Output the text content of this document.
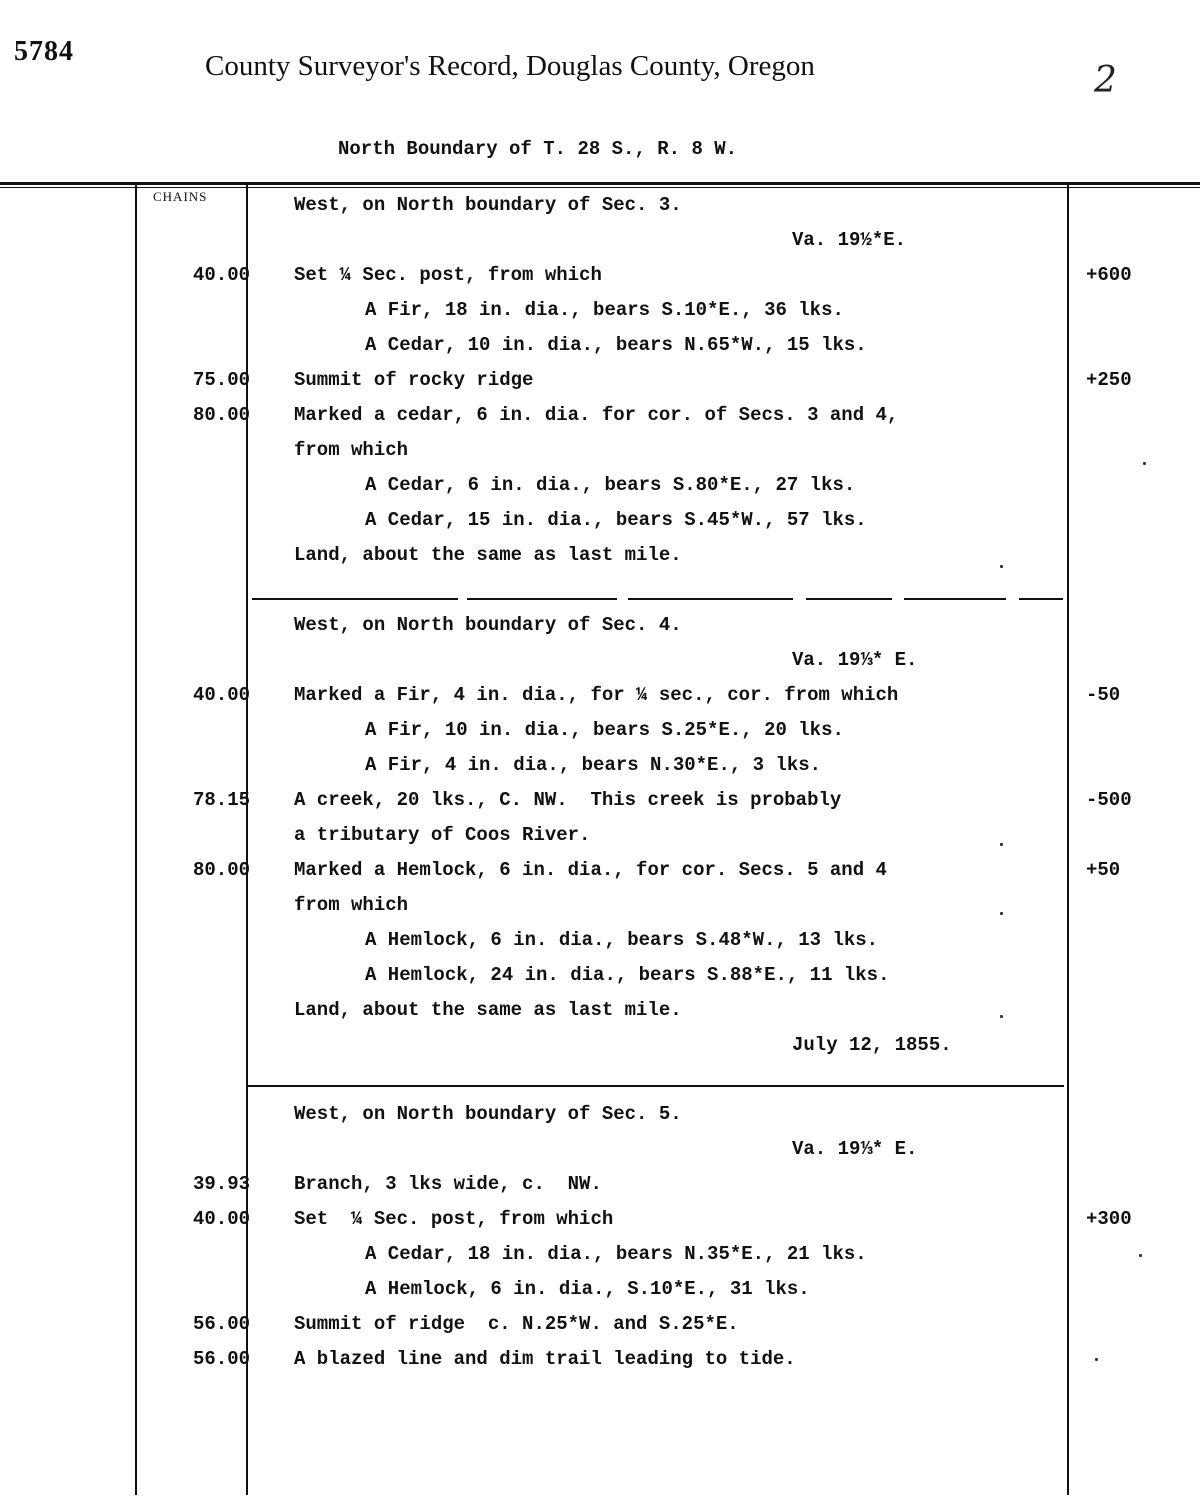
5784	County Surveyor's Record, Douglas County, Oregon	2
North Boundary of T. 28 S., R. 8 W.
CHAINS	West, on North boundary of Sec. 3.
Va. 19½*E.
40.00 Set ¼ Sec. post, from which	+600
A Fir, 18 in. dia., bears S.10*E., 36 lks.
A Cedar, 10 in. dia., bears N.65*W., 15 lks.
75.00 Summit of rocky ridge	+250
80.00 Marked a cedar, 6 in. dia. for cor. of Secs. 3 and 4,
from which
A Cedar, 6 in. dia., bears S.80*E., 27 lks.
A Cedar, 15 in. dia., bears S.45*W., 57 lks.
Land, about the same as last mile.
West, on North boundary of Sec. 4.
Va. 19⅓* E.
40.00 Marked a Fir, 4 in. dia., for ¼ sec., cor. from which	-50
A Fir, 10 in. dia., bears S.25*E., 20 lks.
A Fir, 4 in. dia., bears N.30*E., 3 lks.
78.15 A creek, 20 lks., C. NW.  This creek is probably	-500
a tributary of Coos River.
80.00 Marked a Hemlock, 6 in. dia., for cor. Secs. 5 and 4	+50
from which
A Hemlock, 6 in. dia., bears S.48*W., 13 lks.
A Hemlock, 24 in. dia., bears S.88*E., 11 lks.
Land, about the same as last mile.
July 12, 1855.
West, on North boundary of Sec. 5.
Va. 19⅓* E.
39.93 Branch, 3 lks wide, c.  NW.
40.00 Set  ¼ Sec. post, from which	+300
A Cedar, 18 in. dia., bears N.35*E., 21 lks.
A Hemlock, 6 in. dia., S.10*E., 31 lks.
56.00 Summit of ridge  c. N.25*W. and S.25*E.
56.00 A blazed line and dim trail leading to tide.
